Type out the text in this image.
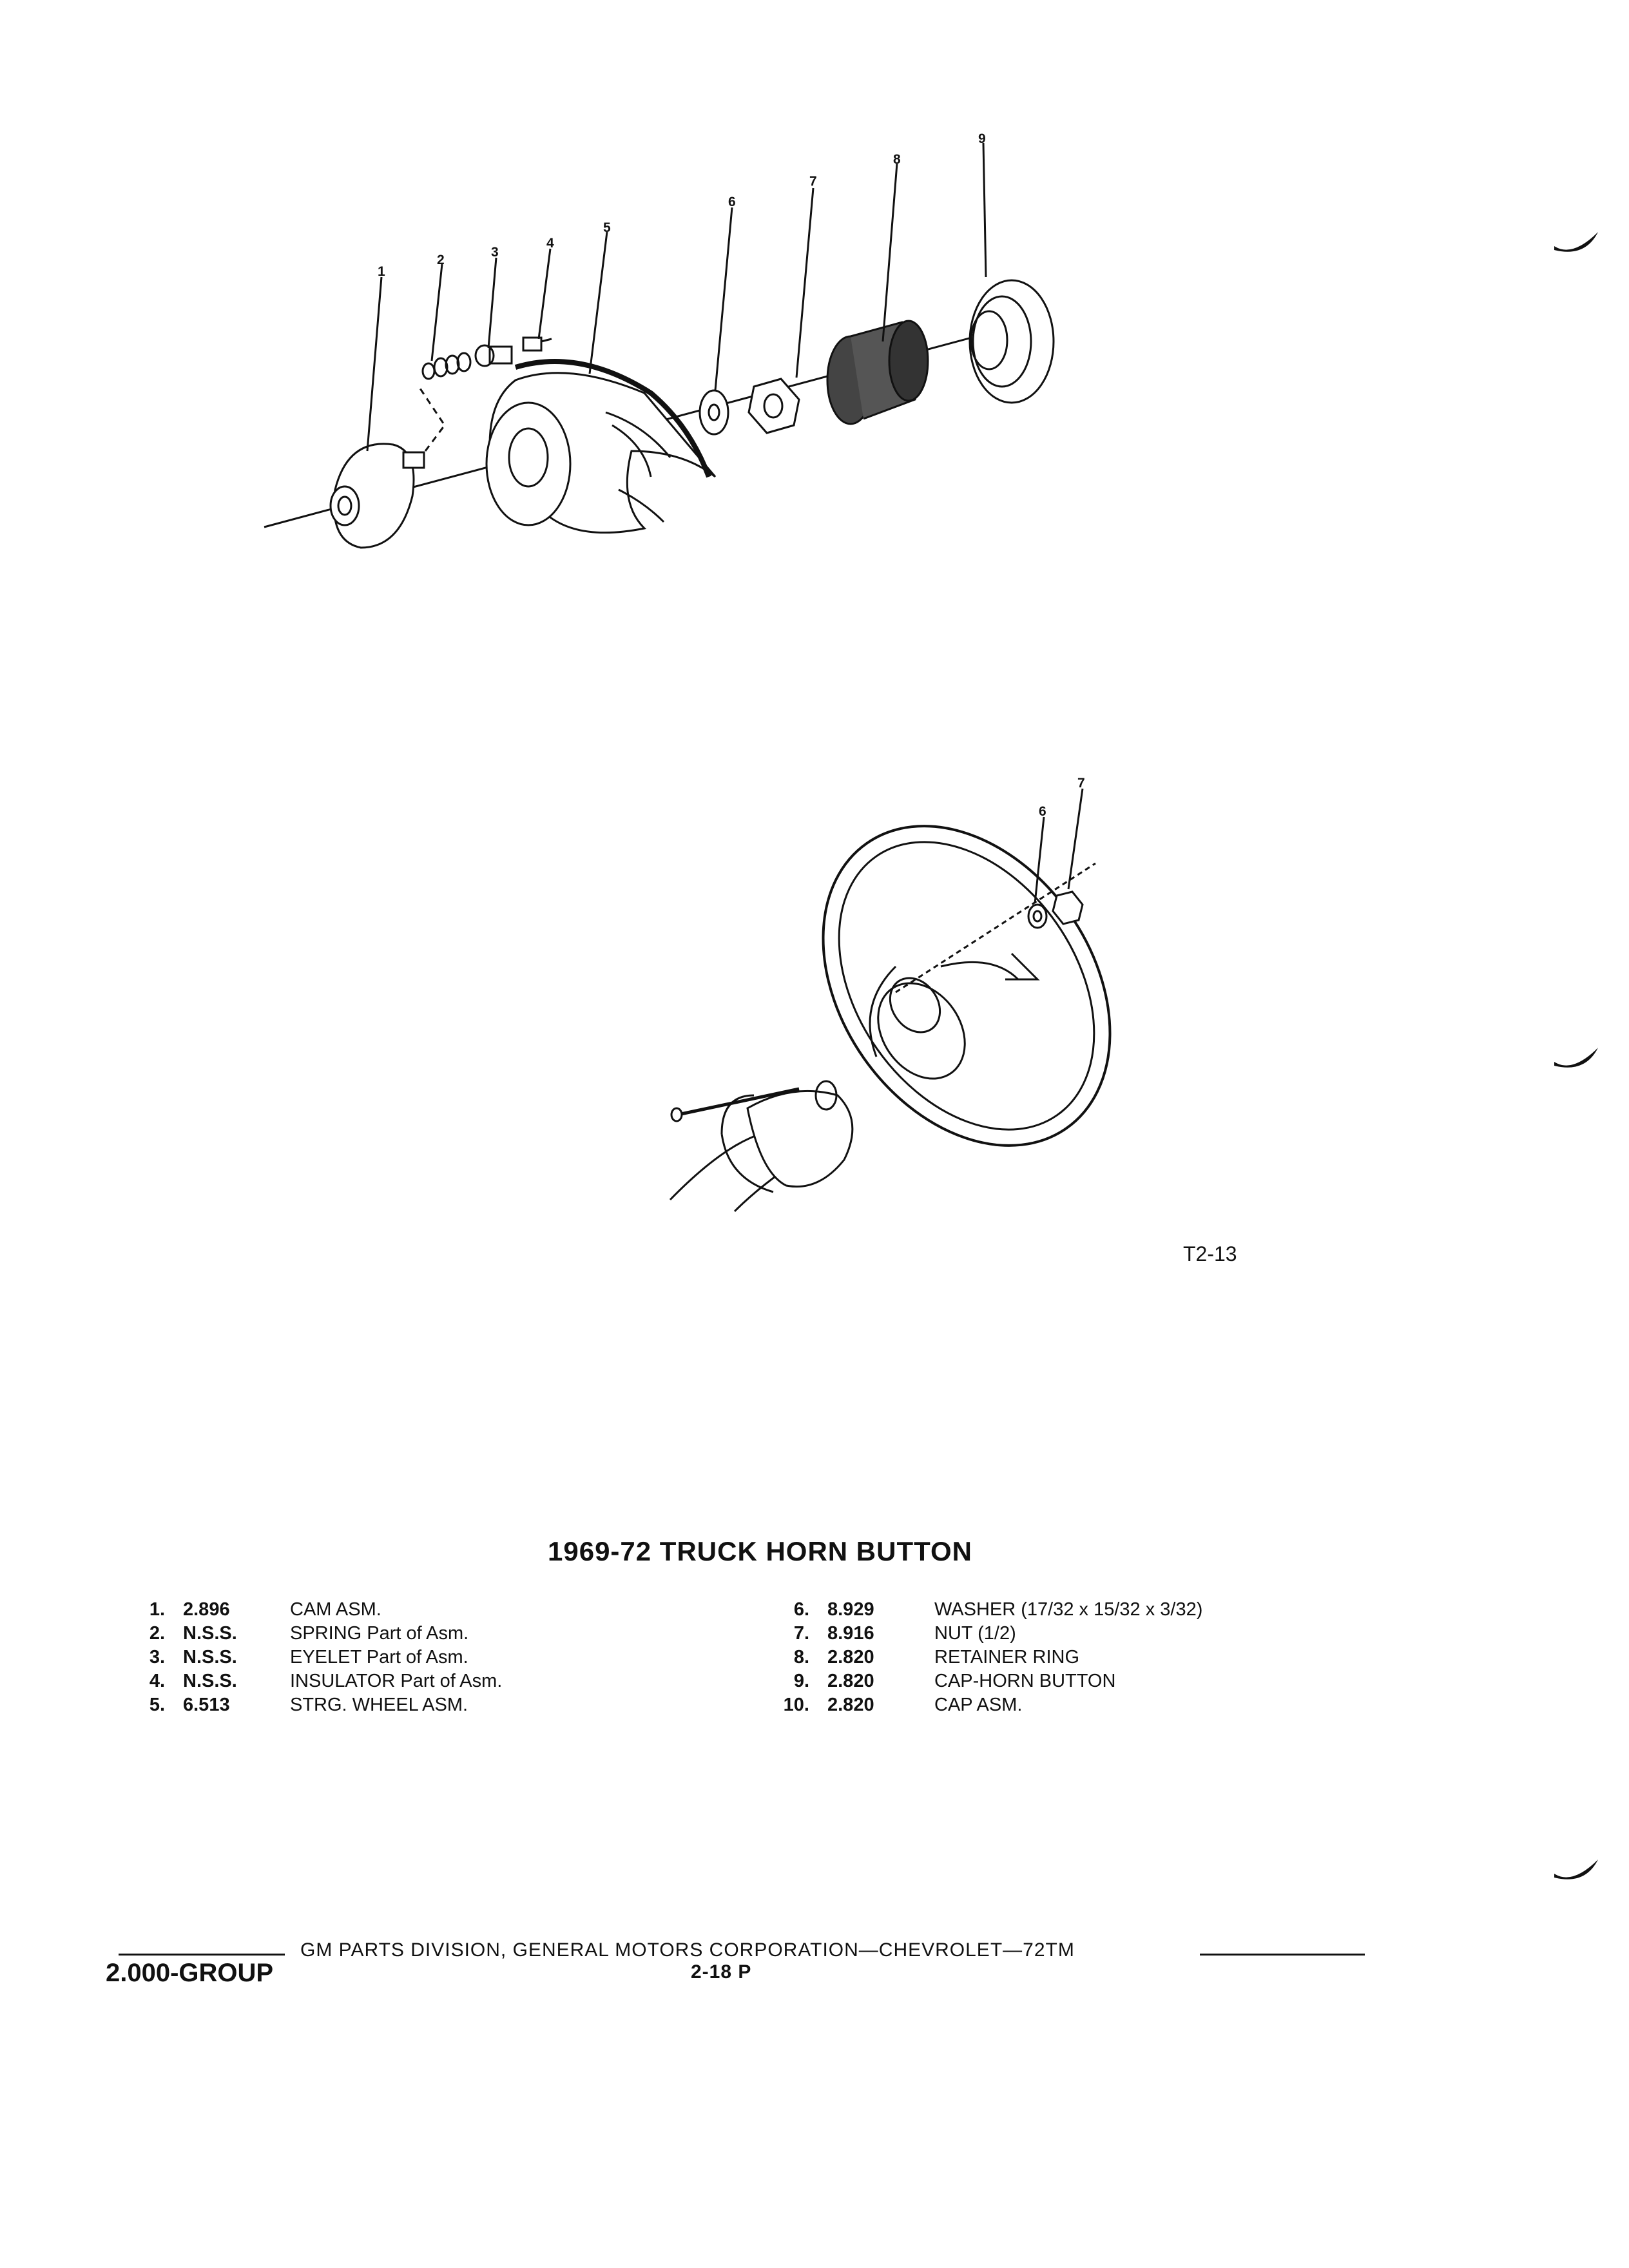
1
2
3
4
5
6
7
8
9
6
7
T2-13
1969-72 TRUCK HORN BUTTON
1. 2.896	CAM ASM.
2. N.S.S.	SPRING Part of Asm.
3. N.S.S.	EYELET Part of Asm.
4. N.S.S.	INSULATOR Part of Asm.
5. 6.513	STRG. WHEEL ASM.
6. 8.929	WASHER (17/32 x 15/32 x 3/32)
7. 8.916	NUT (1/2)
8. 2.820	RETAINER RING
9. 2.820	CAP-HORN BUTTON
10. 2.820	CAP ASM.
GM PARTS DIVISION, GENERAL MOTORS CORPORATION—CHEVROLET—72TM
2.000-GROUP	2-18 P
